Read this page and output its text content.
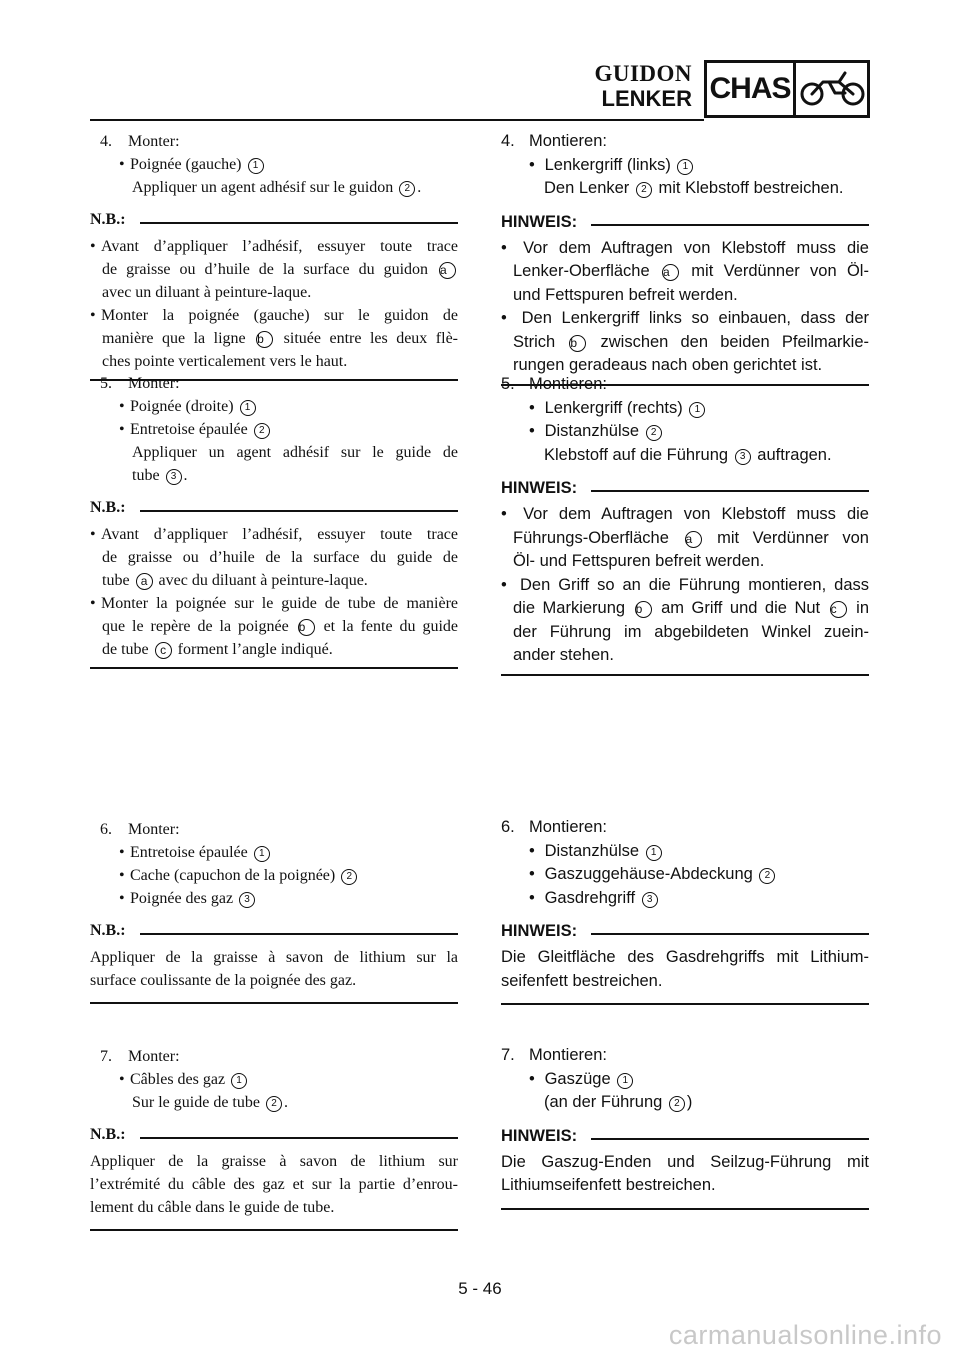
GUIDON
LENKER CHAS
4. Monter:
• Poignée (gauche) 1
Appliquer un agent adhésif sur le guidon 2 .
N.B.:
• Avant d’appliquer l’adhésif, essuyer toute trace
de graisse ou d’huile de la surface du guidon a
avec un diluant à peinture-laque.
• Monter la poignée (gauche) sur le guidon de
manière que la ligne b située entre les deux flè-
ches pointe verticalement vers le haut.
5. Monter:
• Poignée (droite) 1
• Entretoise épaulée 2
Appliquer un agent adhésif sur le guide de
tube 3 .
N.B.:
• Avant d’appliquer l’adhésif, essuyer toute trace
de graisse ou d’huile de la surface du guide de
tube a avec du diluant à peinture-laque.
• Monter la poignée sur le guide de tube de manière
que le repère de la poignée b et la fente du guide
de tube c forment l’angle indiqué.
6. Monter:
• Entretoise épaulée 1
• Cache (capuchon de la poignée) 2
• Poignée des gaz 3
N.B.:
Appliquer de la graisse à savon de lithium sur la
surface coulissante de la poignée des gaz.
7. Monter:
• Câbles des gaz 1
Sur le guide de tube 2 .
N.B.:
Appliquer de la graisse à savon de lithium sur
l’extrémité du câble des gaz et sur la partie d’enrou-
lement du câble dans le guide de tube.
4. Montieren:
• Lenkergriff (links) 1
Den Lenker 2 mit Klebstoff bestreichen.
HINWEIS:
• Vor dem Auftragen von Klebstoff muss die
Lenker-Oberfläche a mit Verdünner von Öl-
und Fettspuren befreit werden.
• Den Lenkergriff links so einbauen, dass der
Strich b zwischen den beiden Pfeilmarkie-
rungen geradeaus nach oben gerichtet ist.
5. Montieren:
• Lenkergriff (rechts) 1
• Distanzhülse 2
Klebstoff auf die Führung 3 auftragen.
HINWEIS:
• Vor dem Auftragen von Klebstoff muss die
Führungs-Oberfläche a mit Verdünner von
Öl- und Fettspuren befreit werden.
• Den Griff so an die Führung montieren, dass
die Markierung b am Griff und die Nut c in
der Führung im abgebildeten Winkel zuein-
ander stehen.
6. Montieren:
• Distanzhülse 1
• Gaszuggehäuse-Abdeckung 2
• Gasdrehgriff 3
HINWEIS:
Die Gleitfläche des Gasdrehgriffs mit Lithium-
seifenfett bestreichen.
7. Montieren:
• Gaszüge 1
(an der Führung 2 )
HINWEIS:
Die Gaszug-Enden und Seilzug-Führung mit
Lithiumseifenfett bestreichen.
5 - 46
carmanualsonline.info
